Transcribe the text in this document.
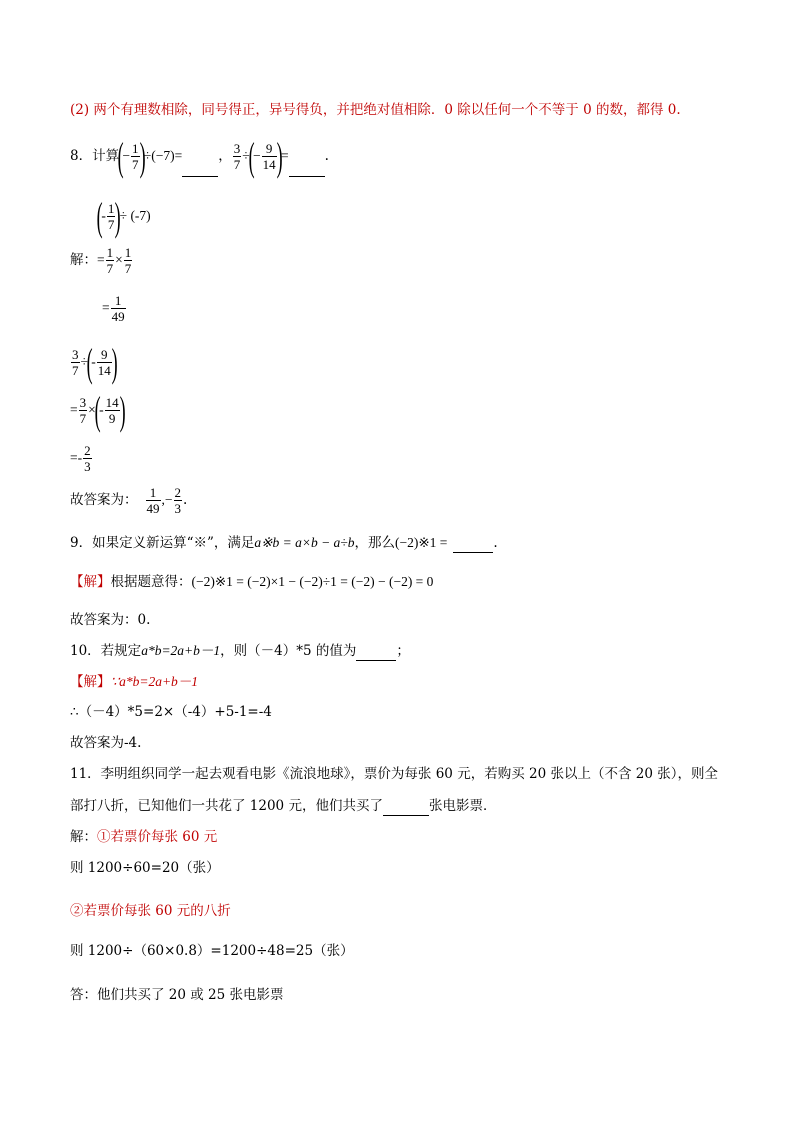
(2) 两个有理数相除，同号得正，异号得负，并把绝对值相除．0 除以任何一个不等于 0 的数，都得 0.
8．计算(− $\frac{1}{7} )\div(-7)=$	， $\frac{3}{7}$ ÷(− $\frac{9}{14}$ )=	.
(- $\frac{1}{7}$ )÷ (-7)
解：= $\frac{1}{7} \times \frac{1}{7}$
= $\frac{1}{49}$
$\frac{3}{7}$ ÷(- $\frac{9}{14}$ )
= $\frac{3}{7}$ ×(- $\frac{14}{9}$ )
=- $\frac{2}{3}$
故答案为： $\frac{1}{49}$ ,− $\frac{2}{3}$ .
9．如果定义新运算“※”，满足a※b = a×b − a÷b，那么(−2)※1 =	.
【解】根据题意得：(−2)※1 = (−2)×1 − (−2)÷1 = (−2) − (−2) = 0
故答案为：0.
10．若规定a*b=2a+b－1，则（－4）*5 的值为	；
【解】∵a*b=2a+b－1
∴（－4）*5=2×（-4）+5-1=-4
故答案为-4.
11．李明组织同学一起去观看电影《流浪地球》，票价为每张 60 元，若购买 20 张以上（不含 20 张），则全
部打八折，已知他们一共花了 1200 元，他们共买了	张电影票．
解：①若票价每张 60 元
则 1200÷60=20（张）
②若票价每张 60 元的八折
则 1200÷（60×0.8）=1200÷48=25（张）
答：他们共买了 20 或 25 张电影票
